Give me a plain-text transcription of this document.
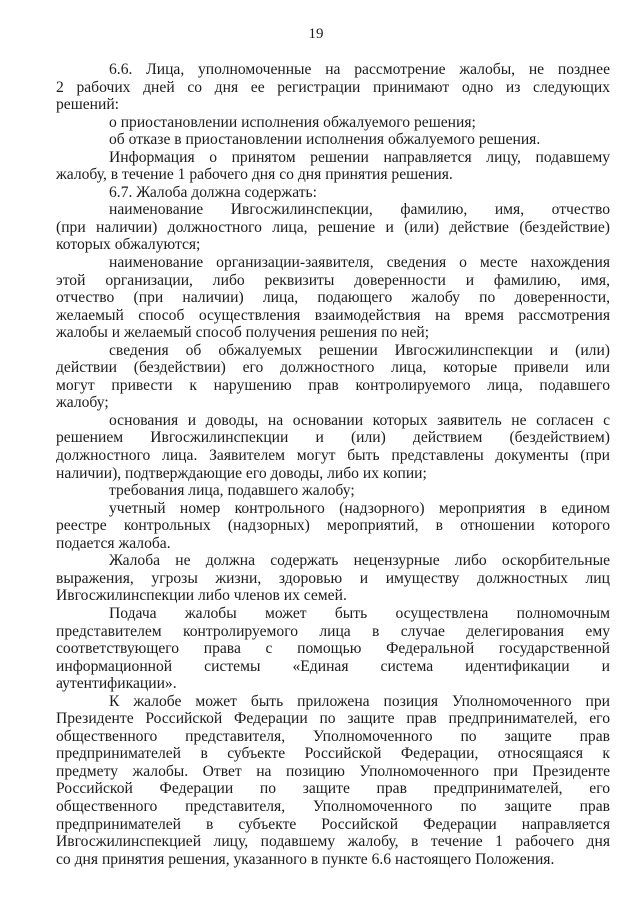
19
6.6. Лица, уполномоченные на рассмотрение жалобы, не позднее
2 рабочих дней со дня ее регистрации принимают одно из следующих
решений:
о приостановлении исполнения обжалуемого решения;
об отказе в приостановлении исполнения обжалуемого решения.
Информация о принятом решении направляется лицу, подавшему
жалобу, в течение 1 рабочего дня со дня принятия решения.
6.7. Жалоба должна содержать:
наименование Ивгосжилинспекции, фамилию, имя, отчество
(при наличии) должностного лица, решение и (или) действие (бездействие)
которых обжалуются;
наименование организации-заявителя, сведения о месте нахождения
этой организации, либо реквизиты доверенности и фамилию, имя,
отчество (при наличии) лица, подающего жалобу по доверенности,
желаемый способ осуществления взаимодействия на время рассмотрения
жалобы и желаемый способ получения решения по ней;
сведения об обжалуемых решении Ивгосжилинспекции и (или)
действии (бездействии) его должностного лица, которые привели или
могут привести к нарушению прав контролируемого лица, подавшего
жалобу;
основания и доводы, на основании которых заявитель не согласен с
решением Ивгосжилинспекции и (или) действием (бездействием)
должностного лица. Заявителем могут быть представлены документы (при
наличии), подтверждающие его доводы, либо их копии;
требования лица, подавшего жалобу;
учетный номер контрольного (надзорного) мероприятия в едином
реестре контрольных (надзорных) мероприятий, в отношении которого
подается жалоба.
Жалоба не должна содержать нецензурные либо оскорбительные
выражения, угрозы жизни, здоровью и имуществу должностных лиц
Ивгосжилинспекции либо членов их семей.
Подача жалобы может быть осуществлена полномочным
представителем контролируемого лица в случае делегирования ему
соответствующего права с помощью Федеральной государственной
информационной системы «Единая система идентификации и
аутентификации».
К жалобе может быть приложена позиция Уполномоченного при
Президенте Российской Федерации по защите прав предпринимателей, его
общественного представителя, Уполномоченного по защите прав
предпринимателей в субъекте Российской Федерации, относящаяся к
предмету жалобы. Ответ на позицию Уполномоченного при Президенте
Российской Федерации по защите прав предпринимателей, его
общественного представителя, Уполномоченного по защите прав
предпринимателей в субъекте Российской Федерации направляется
Ивгосжилинспекцией лицу, подавшему жалобу, в течение 1 рабочего дня
со дня принятия решения, указанного в пункте 6.6 настоящего Положения.
